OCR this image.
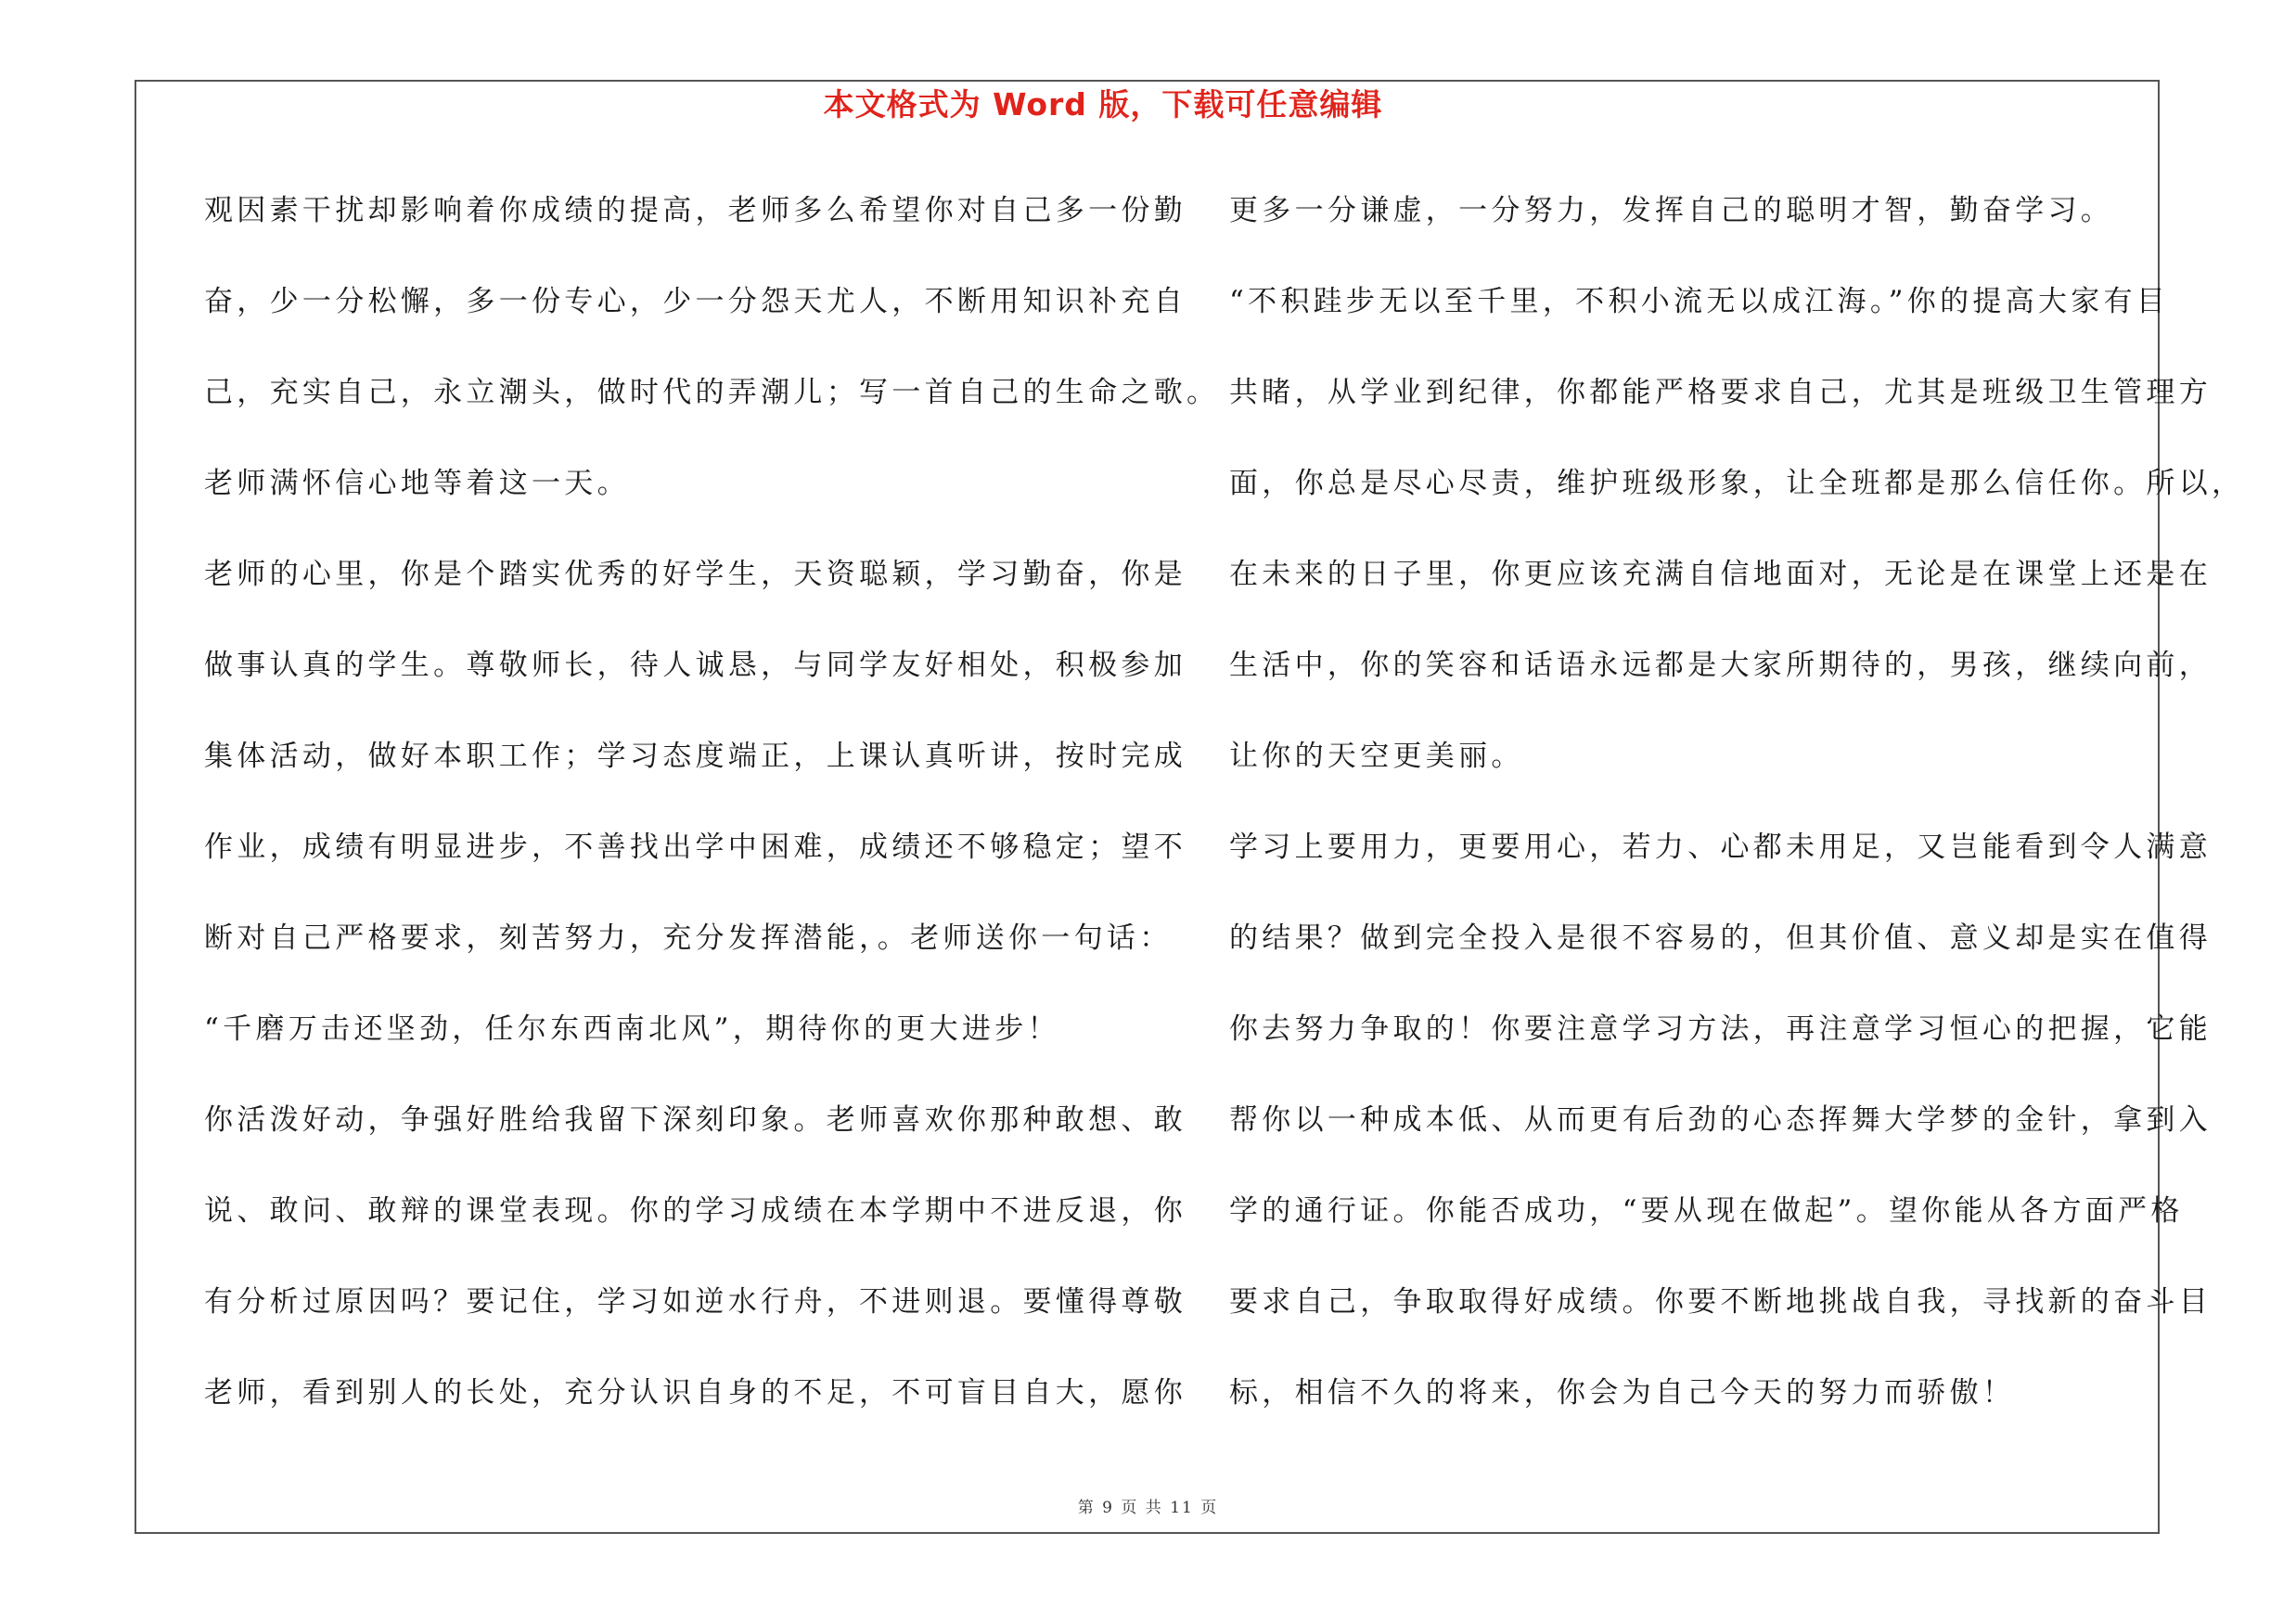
本文格式为 Word 版，下载可任意编辑
观因素干扰却影响着你成绩的提高，老师多么希望你对自己多一份勤
奋，少一分松懈，多一份专心，少一分怨天尤人，不断用知识补充自
己，充实自己，永立潮头，做时代的弄潮儿；写一首自己的生命之歌。
老师满怀信心地等着这一天。
老师的心里，你是个踏实优秀的好学生，天资聪颖，学习勤奋，你是
做事认真的学生。尊敬师长，待人诚恳，与同学友好相处，积极参加
集体活动，做好本职工作；学习态度端正，上课认真听讲，按时完成
作业，成绩有明显进步，不善找出学中困难，成绩还不够稳定；望不
断对自己严格要求，刻苦努力，充分发挥潜能，。老师送你一句话：
“千磨万击还坚劲，任尔东西南北风”，期待你的更大进步！
你活泼好动，争强好胜给我留下深刻印象。老师喜欢你那种敢想、敢
说、敢问、敢辩的课堂表现。你的学习成绩在本学期中不进反退，你
有分析过原因吗？要记住，学习如逆水行舟，不进则退。要懂得尊敬
老师，看到别人的长处，充分认识自身的不足，不可盲目自大，愿你
更多一分谦虚，一分努力，发挥自己的聪明才智，勤奋学习。
“不积跬步无以至千里，不积小流无以成江海。”你的提高大家有目
共睹，从学业到纪律，你都能严格要求自己，尤其是班级卫生管理方
面，你总是尽心尽责，维护班级形象，让全班都是那么信任你。所以，
在未来的日子里，你更应该充满自信地面对，无论是在课堂上还是在
生活中，你的笑容和话语永远都是大家所期待的，男孩，继续向前，
让你的天空更美丽。
学习上要用力，更要用心，若力、心都未用足，又岂能看到令人满意
的结果？做到完全投入是很不容易的，但其价值、意义却是实在值得
你去努力争取的！你要注意学习方法，再注意学习恒心的把握，它能
帮你以一种成本低、从而更有后劲的心态挥舞大学梦的金针，拿到入
学的通行证。你能否成功，“要从现在做起”。望你能从各方面严格
要求自己，争取取得好成绩。你要不断地挑战自我，寻找新的奋斗目
标，相信不久的将来，你会为自己今天的努力而骄傲！
第 9 页 共 11 页
